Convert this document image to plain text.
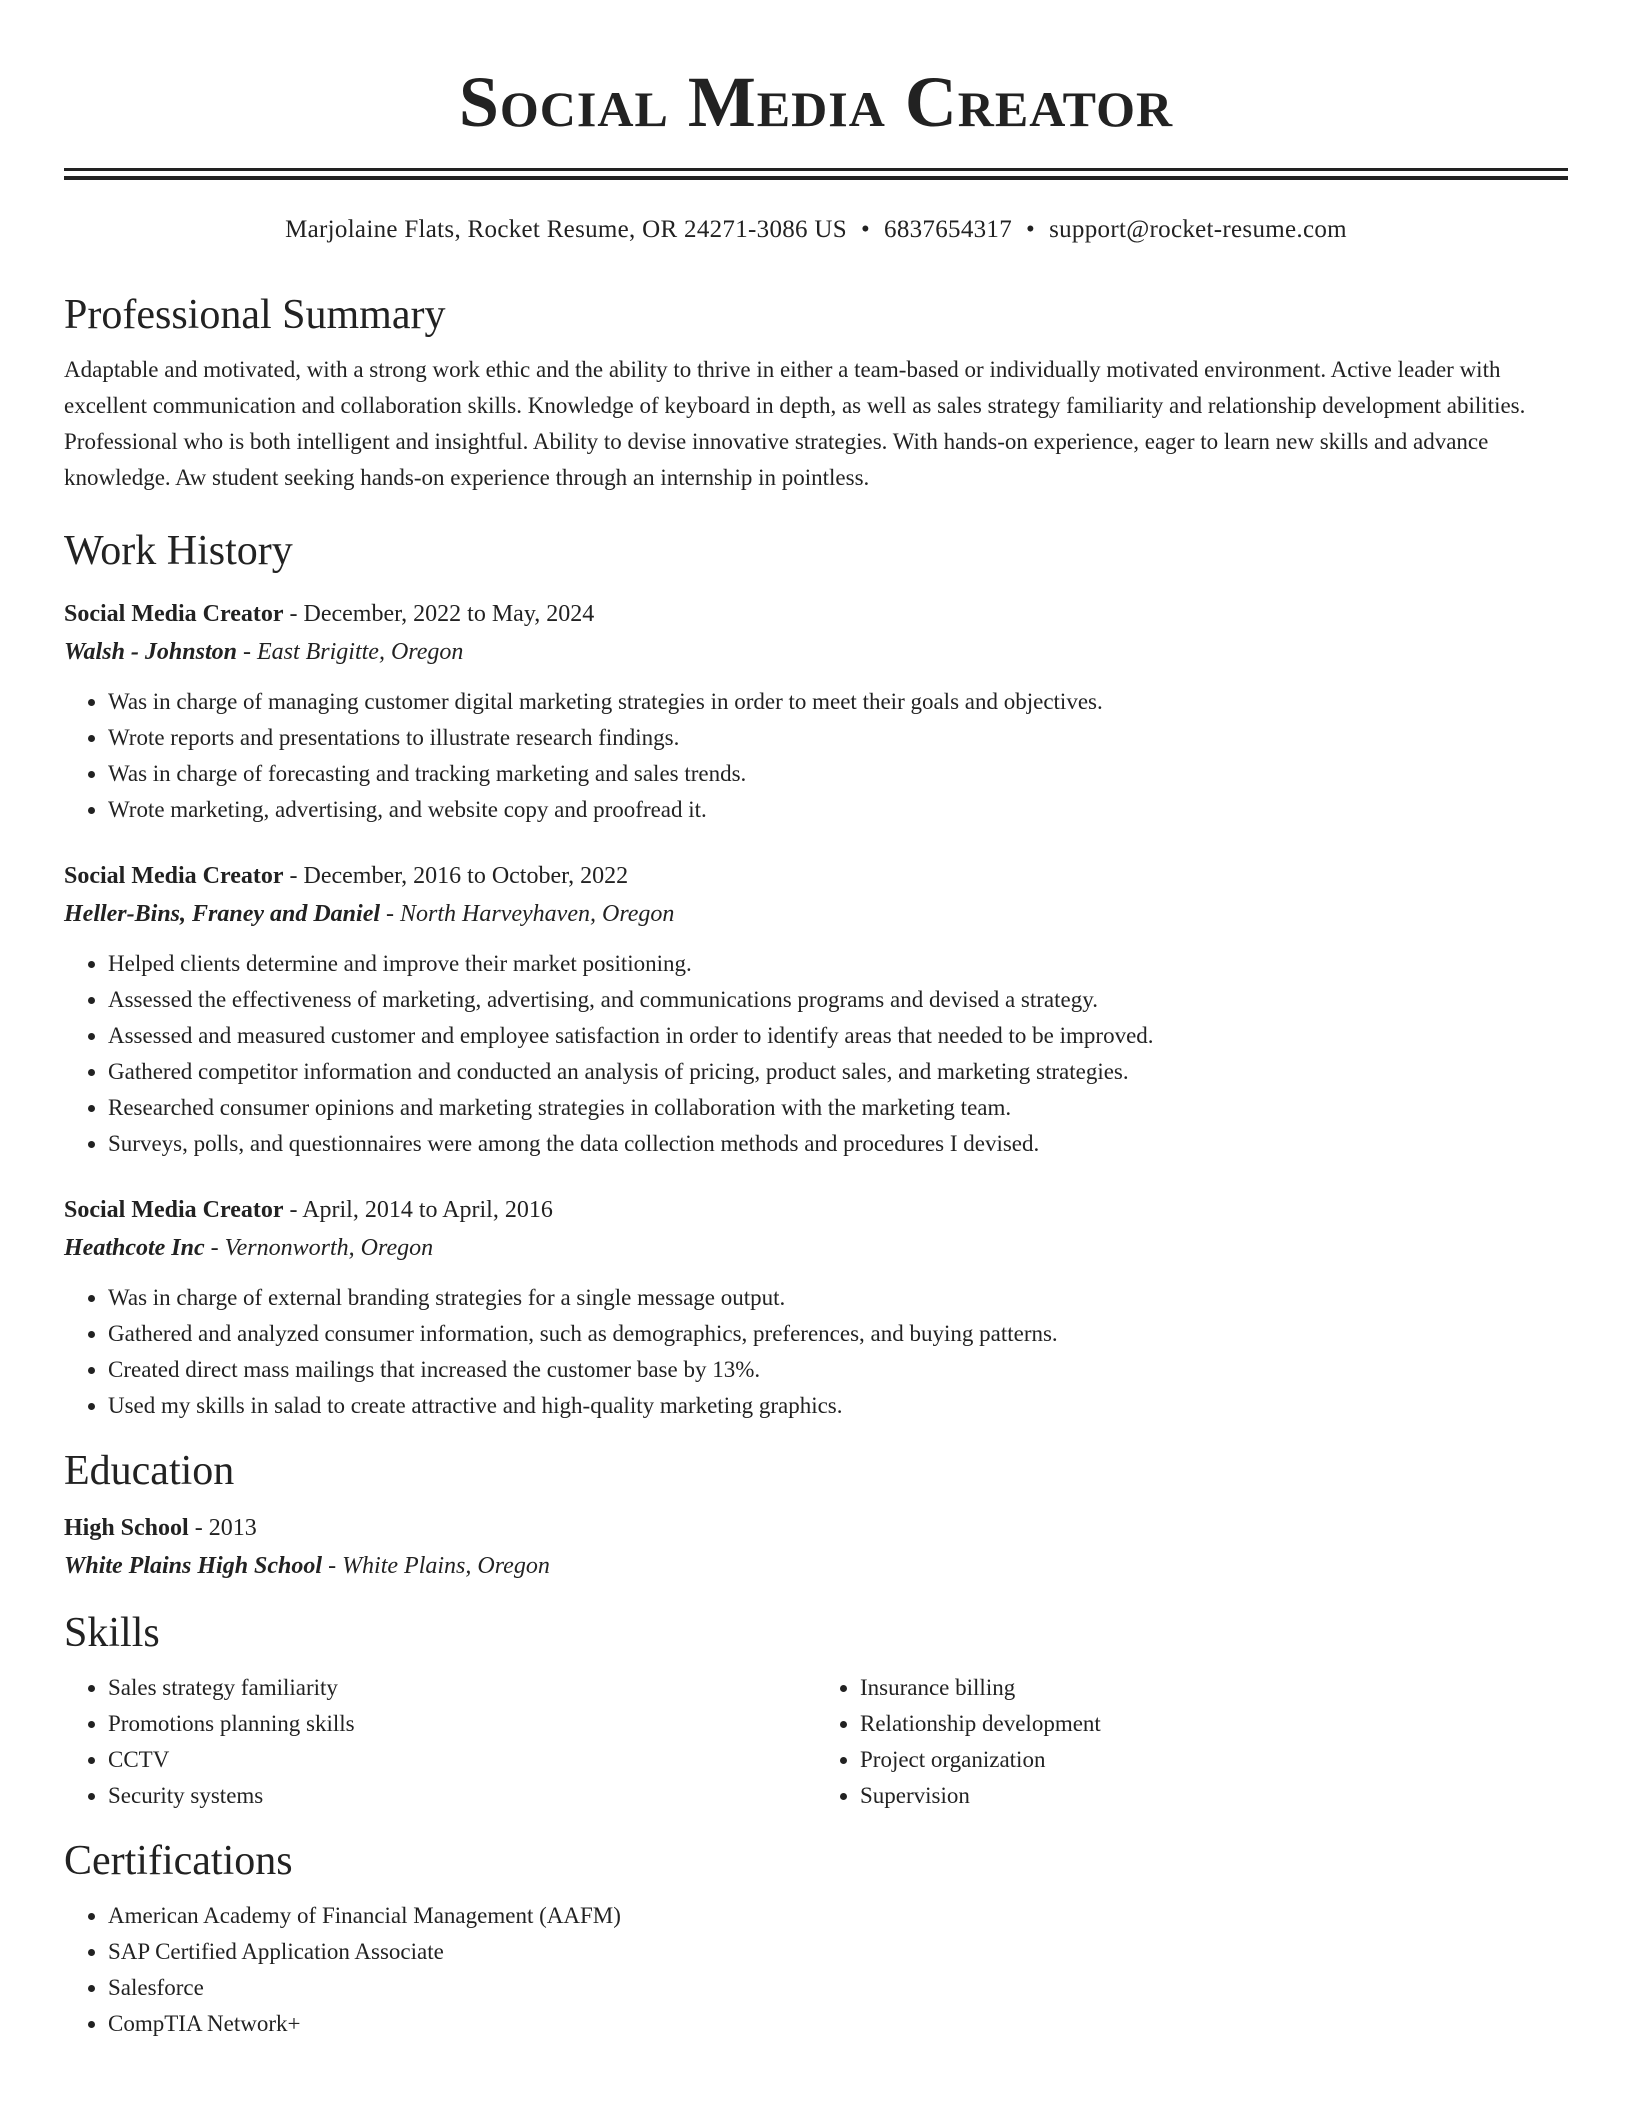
Social Media Creator
Marjolaine Flats, Rocket Resume, OR 24271-3086 US • 6837654317 • support@rocket-resume.com
Professional Summary
Adaptable and motivated, with a strong work ethic and the ability to thrive in either a team-based or individually motivated environment. Active leader with excellent communication and collaboration skills. Knowledge of keyboard in depth, as well as sales strategy familiarity and relationship development abilities. Professional who is both intelligent and insightful. Ability to devise innovative strategies. With hands-on experience, eager to learn new skills and advance knowledge. Aw student seeking hands-on experience through an internship in pointless.
Work History
Social Media Creator - December, 2022 to May, 2024
Walsh - Johnston - East Brigitte, Oregon
• Was in charge of managing customer digital marketing strategies in order to meet their goals and objectives.
• Wrote reports and presentations to illustrate research findings.
• Was in charge of forecasting and tracking marketing and sales trends.
• Wrote marketing, advertising, and website copy and proofread it.
Social Media Creator - December, 2016 to October, 2022
Heller-Bins, Franey and Daniel - North Harveyhaven, Oregon
• Helped clients determine and improve their market positioning.
• Assessed the effectiveness of marketing, advertising, and communications programs and devised a strategy.
• Assessed and measured customer and employee satisfaction in order to identify areas that needed to be improved.
• Gathered competitor information and conducted an analysis of pricing, product sales, and marketing strategies.
• Researched consumer opinions and marketing strategies in collaboration with the marketing team.
• Surveys, polls, and questionnaires were among the data collection methods and procedures I devised.
Social Media Creator - April, 2014 to April, 2016
Heathcote Inc - Vernonworth, Oregon
• Was in charge of external branding strategies for a single message output.
• Gathered and analyzed consumer information, such as demographics, preferences, and buying patterns.
• Created direct mass mailings that increased the customer base by 13%.
• Used my skills in salad to create attractive and high-quality marketing graphics.
Education
High School - 2013
White Plains High School - White Plains, Oregon
Skills
• Sales strategy familiarity
• Promotions planning skills
• CCTV
• Security systems
• Insurance billing
• Relationship development
• Project organization
• Supervision
Certifications
• American Academy of Financial Management (AAFM)
• SAP Certified Application Associate
• Salesforce
• CompTIA Network+
